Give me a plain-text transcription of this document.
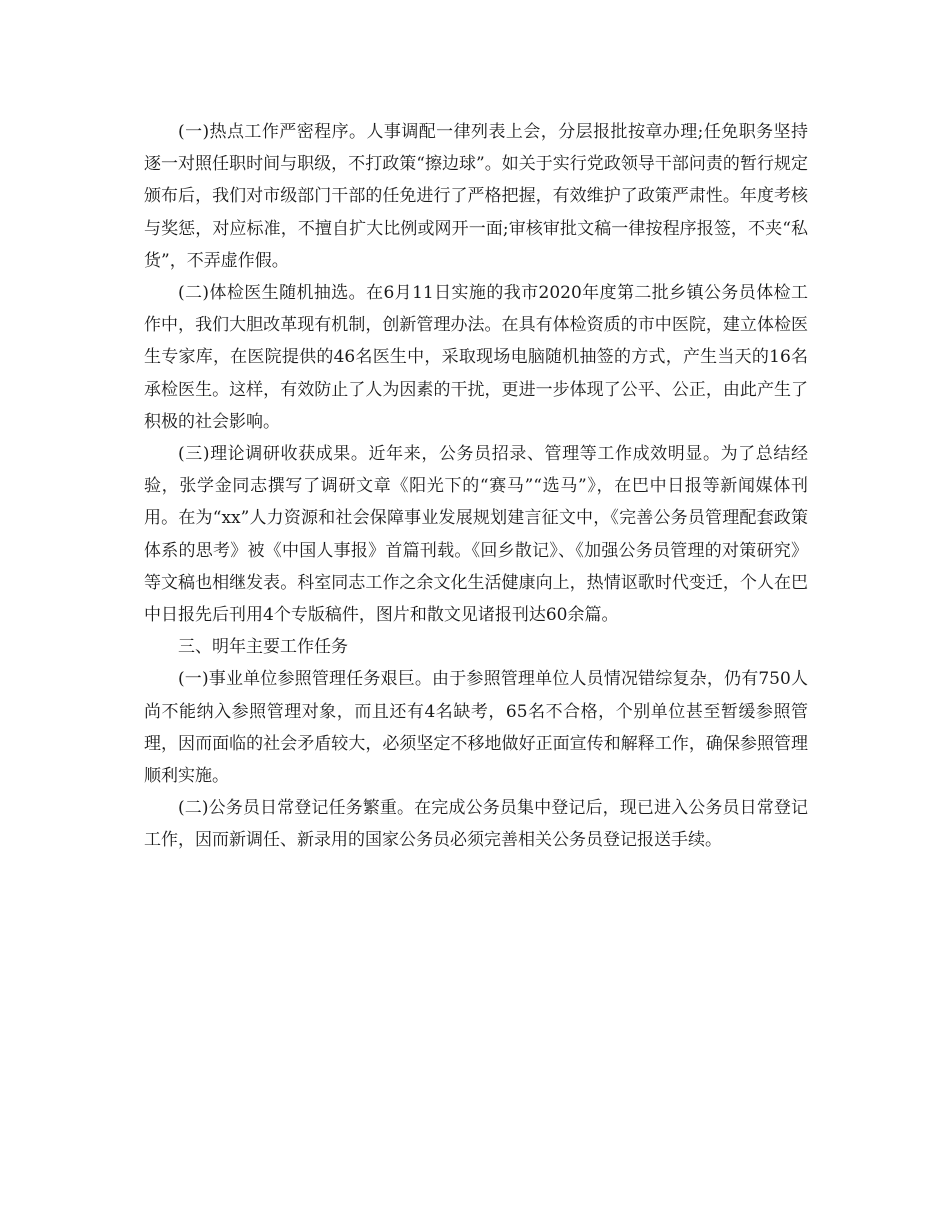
(一)热点工作严密程序。人事调配一律列表上会，分层报批按章办理;任免职务坚持逐一对照任职时间与职级，不打政策“擦边球”。如关于实行党政领导干部问责的暂行规定颁布后，我们对市级部门干部的任免进行了严格把握，有效维护了政策严肃性。年度考核与奖惩，对应标准，不擅自扩大比例或网开一面;审核审批文稿一律按程序报签，不夹“私货”，不弄虚作假。

(二)体检医生随机抽选。在6月11日实施的我市2020年度第二批乡镇公务员体检工作中，我们大胆改革现有机制，创新管理办法。在具有体检资质的市中医院，建立体检医生专家库，在医院提供的46名医生中，采取现场电脑随机抽签的方式，产生当天的16名承检医生。这样，有效防止了人为因素的干扰，更进一步体现了公平、公正，由此产生了积极的社会影响。

(三)理论调研收获成果。近年来，公务员招录、管理等工作成效明显。为了总结经验，张学金同志撰写了调研文章《阳光下的“赛马”“选马”》，在巴中日报等新闻媒体刊用。在为“xx”人力资源和社会保障事业发展规划建言征文中，《完善公务员管理配套政策体系的思考》被《中国人事报》首篇刊载。《回乡散记》、《加强公务员管理的对策研究》等文稿也相继发表。科室同志工作之余文化生活健康向上，热情讴歌时代变迁，个人在巴中日报先后刊用4个专版稿件，图片和散文见诸报刊达60余篇。

三、明年主要工作任务

(一)事业单位参照管理任务艰巨。由于参照管理单位人员情况错综复杂，仍有750人尚不能纳入参照管理对象，而且还有4名缺考，65名不合格，个别单位甚至暂缓参照管理，因而面临的社会矛盾较大，必须坚定不移地做好正面宣传和解释工作，确保参照管理顺利实施。

(二)公务员日常登记任务繁重。在完成公务员集中登记后，现已进入公务员日常登记工作，因而新调任、新录用的国家公务员必须完善相关公务员登记报送手续。
